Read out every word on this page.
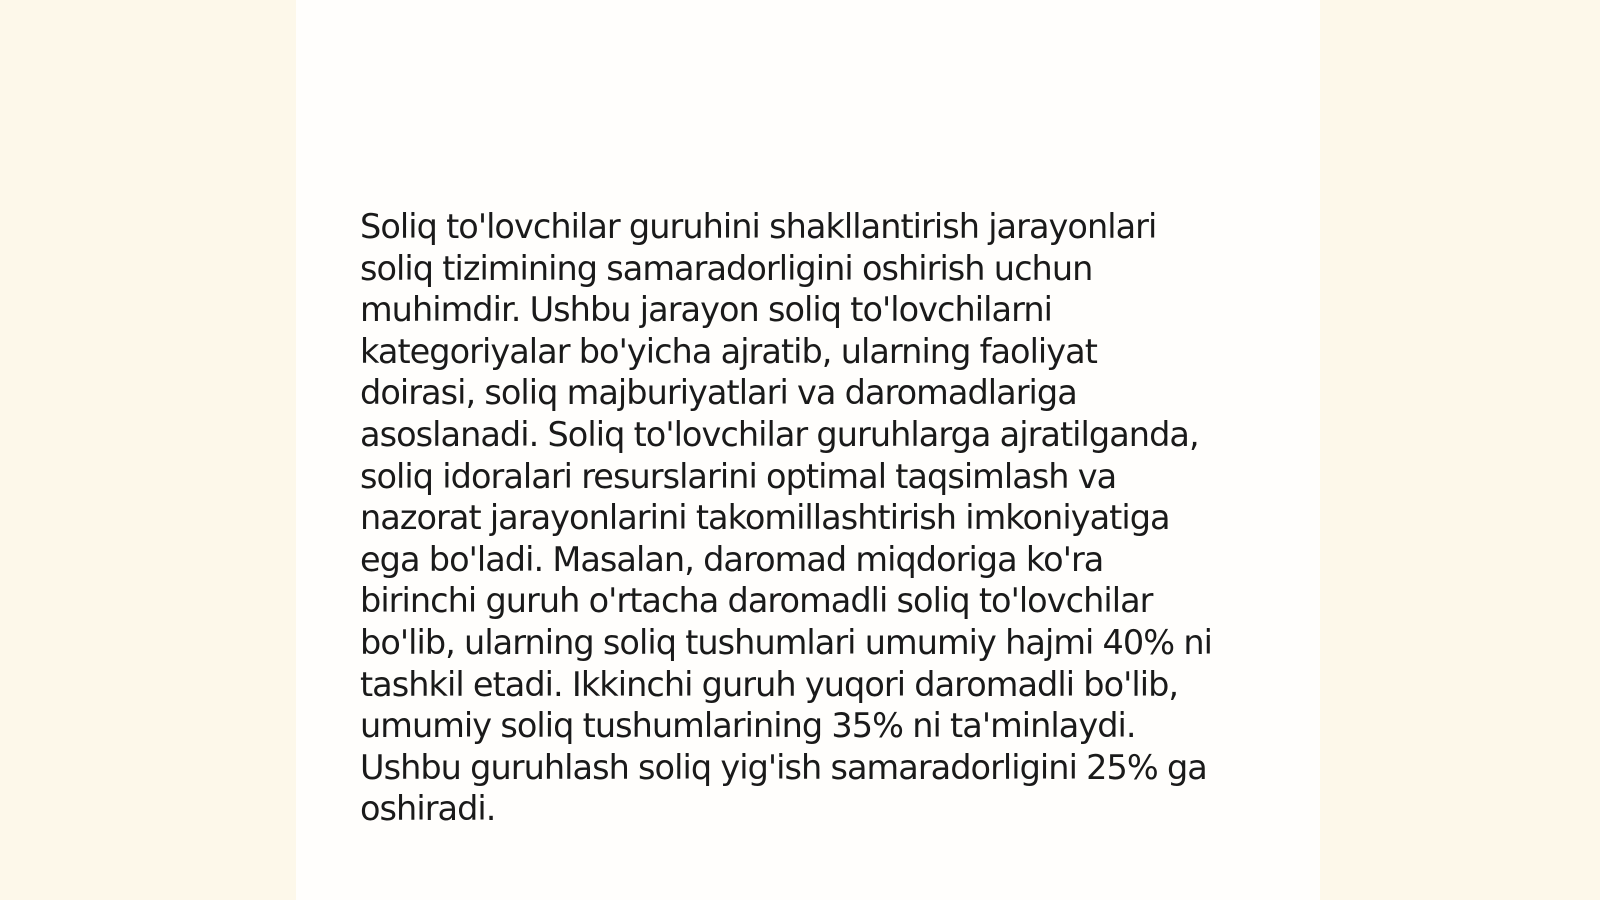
Soliq to'lovchilar guruhini shakllantirish jarayonlari
soliq tizimining samaradorligini oshirish uchun
muhimdir. Ushbu jarayon soliq to'lovchilarni
kategoriyalar bo'yicha ajratib, ularning faoliyat
doirasi, soliq majburiyatlari va daromadlariga
asoslanadi. Soliq to'lovchilar guruhlarga ajratilganda,
soliq idoralari resurslarini optimal taqsimlash va
nazorat jarayonlarini takomillashtirish imkoniyatiga
ega bo'ladi. Masalan, daromad miqdoriga ko'ra
birinchi guruh o'rtacha daromadli soliq to'lovchilar
bo'lib, ularning soliq tushumlari umumiy hajmi 40% ni
tashkil etadi. Ikkinchi guruh yuqori daromadli bo'lib,
umumiy soliq tushumlarining 35% ni ta'minlaydi.
Ushbu guruhlash soliq yig'ish samaradorligini 25% ga
oshiradi.
